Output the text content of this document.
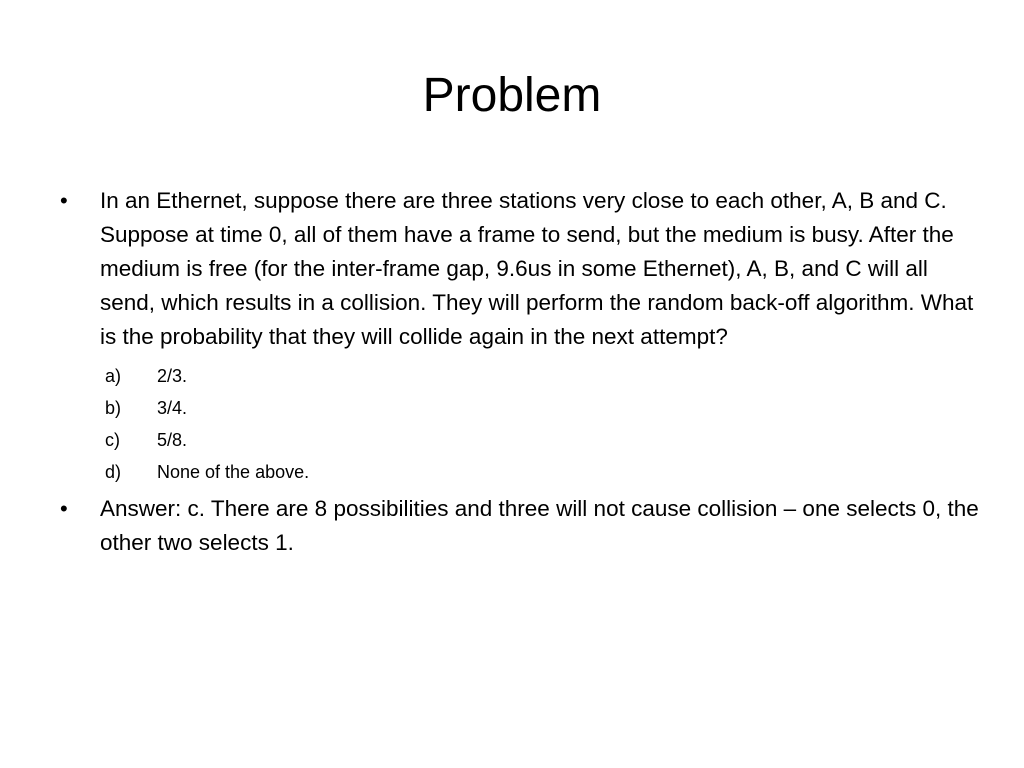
Problem
• In an Ethernet, suppose there are three stations very close to each other, A, B and C. Suppose at time 0, all of them have a frame to send, but the medium is busy. After the medium is free (for the inter-frame gap, 9.6us in some Ethernet), A, B, and C will all send, which results in a collision. They will perform the random back-off algorithm. What is the probability that they will collide again in the next attempt?
a) 2/3.
b) 3/4.
c) 5/8.
d) None of the above.
• Answer: c. There are 8 possibilities and three will not cause collision – one selects 0, the other two selects 1.
